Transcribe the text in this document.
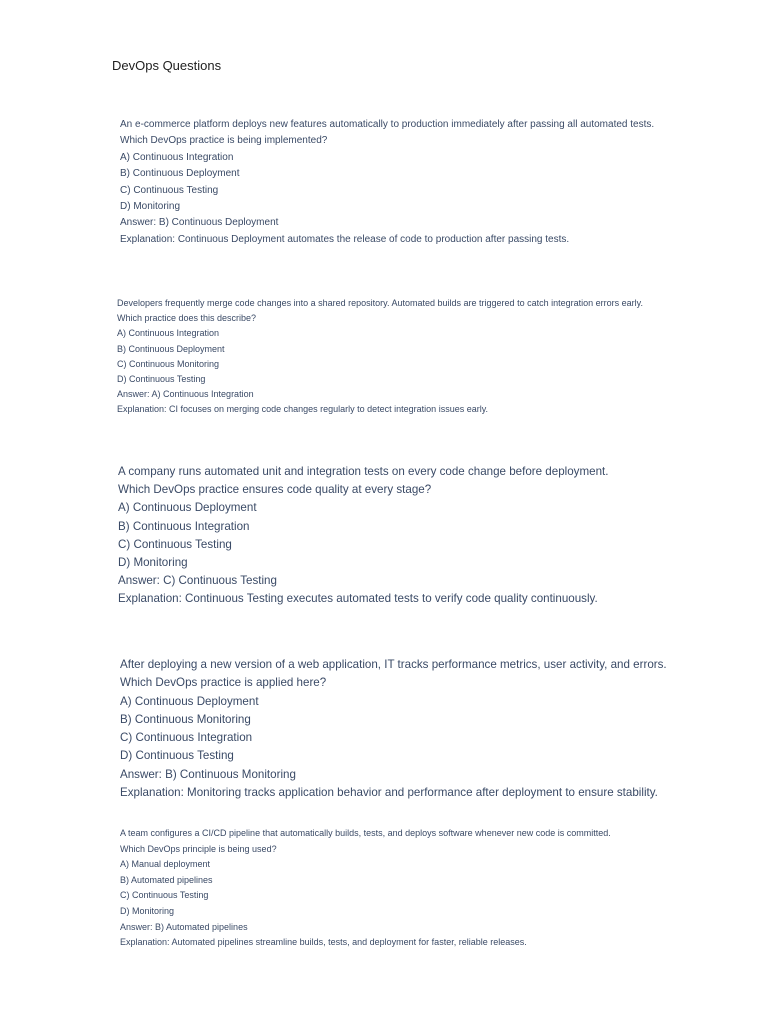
DevOps Questions
An e-commerce platform deploys new features automatically to production immediately after passing all automated tests.
Which DevOps practice is being implemented?
A) Continuous Integration
B) Continuous Deployment
C) Continuous Testing
D) Monitoring
Answer: B) Continuous Deployment
Explanation: Continuous Deployment automates the release of code to production after passing tests.
Developers frequently merge code changes into a shared repository. Automated builds are triggered to catch integration errors early.
Which practice does this describe?
A) Continuous Integration
B) Continuous Deployment
C) Continuous Monitoring
D) Continuous Testing
Answer: A) Continuous Integration
Explanation: CI focuses on merging code changes regularly to detect integration issues early.
A company runs automated unit and integration tests on every code change before deployment.
Which DevOps practice ensures code quality at every stage?
A) Continuous Deployment
B) Continuous Integration
C) Continuous Testing
D) Monitoring
Answer: C) Continuous Testing
Explanation: Continuous Testing executes automated tests to verify code quality continuously.
After deploying a new version of a web application, IT tracks performance metrics, user activity, and errors.
Which DevOps practice is applied here?
A) Continuous Deployment
B) Continuous Monitoring
C) Continuous Integration
D) Continuous Testing
Answer: B) Continuous Monitoring
Explanation: Monitoring tracks application behavior and performance after deployment to ensure stability.
A team configures a CI/CD pipeline that automatically builds, tests, and deploys software whenever new code is committed.
Which DevOps principle is being used?
A) Manual deployment
B) Automated pipelines
C) Continuous Testing
D) Monitoring
Answer: B) Automated pipelines
Explanation: Automated pipelines streamline builds, tests, and deployment for faster, reliable releases.
